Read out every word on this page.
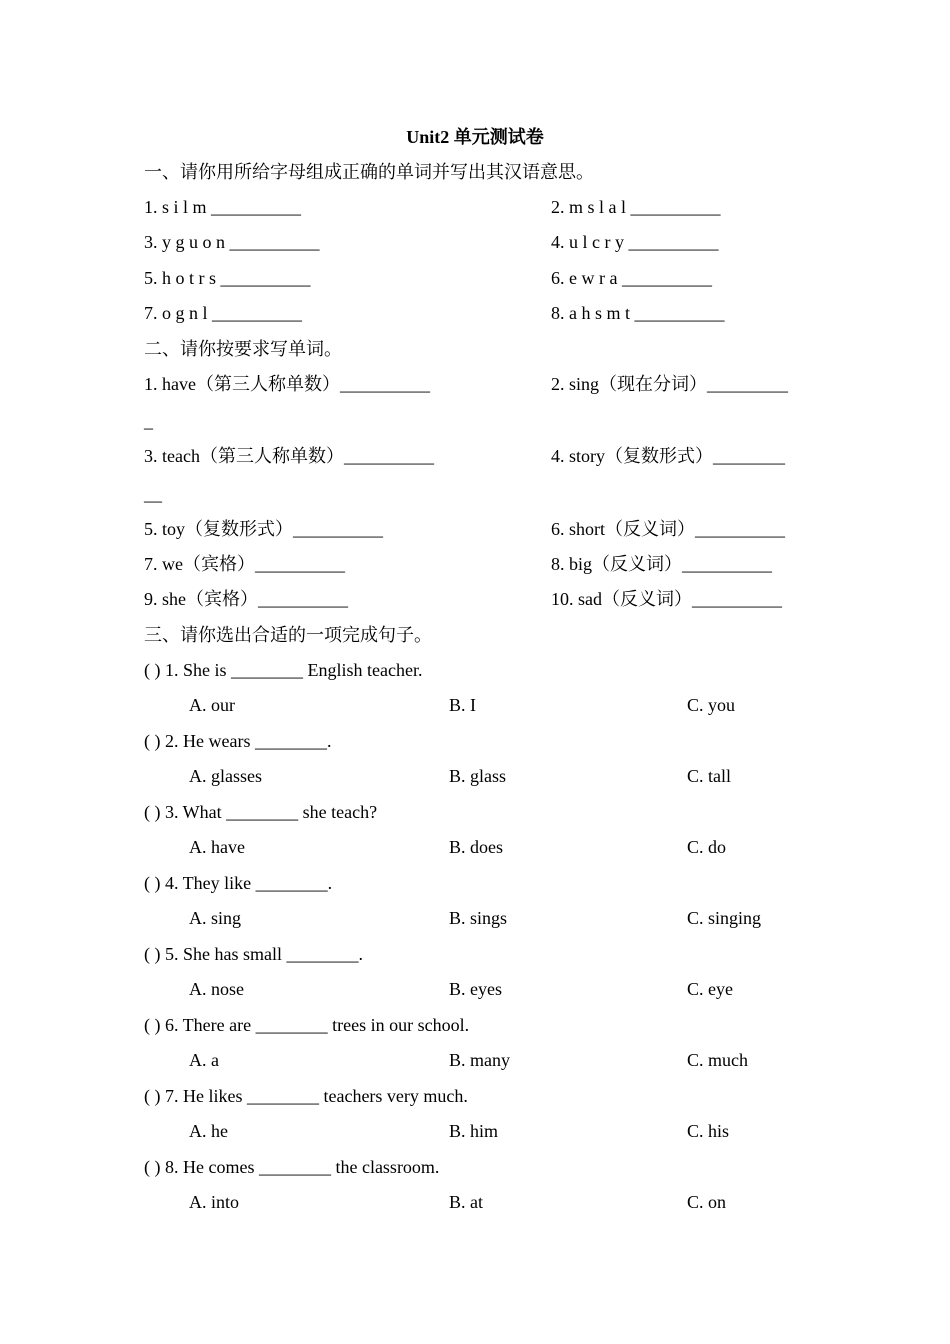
Unit2 单元测试卷
一、请你用所给字母组成正确的单词并写出其汉语意思。
1. s i l m __________	2. m s l a l __________
3. y g u o n __________	4. u l c r y __________
5. h o t r s __________	6. e w r a __________
7. o g n l __________	8. a h s m t __________
二、请你按要求写单词。
1. have（第三人称单数）__________	2. sing（现在分词）_________
_
3. teach（第三人称单数）__________	4. story（复数形式）________
__
5. toy（复数形式）__________	6. short（反义词）__________
7. we（宾格）__________	8. big（反义词）__________
9. she（宾格）__________	10. sad（反义词）__________
三、请你选出合适的一项完成句子。
( ) 1. She is ________ English teacher.
A. our	B. I	C. you
( ) 2. He wears ________.
A. glasses	B. glass	C. tall
( ) 3. What ________ she teach?
A. have	B. does	C. do
( ) 4. They like ________.
A. sing	B. sings	C. singing
( ) 5. She has small ________.
A. nose	B. eyes	C. eye
( ) 6. There are ________ trees in our school.
A. a	B. many	C. much
( ) 7. He likes ________ teachers very much.
A. he	B. him	C. his
( ) 8. He comes ________ the classroom.
A. into	B. at	C. on
